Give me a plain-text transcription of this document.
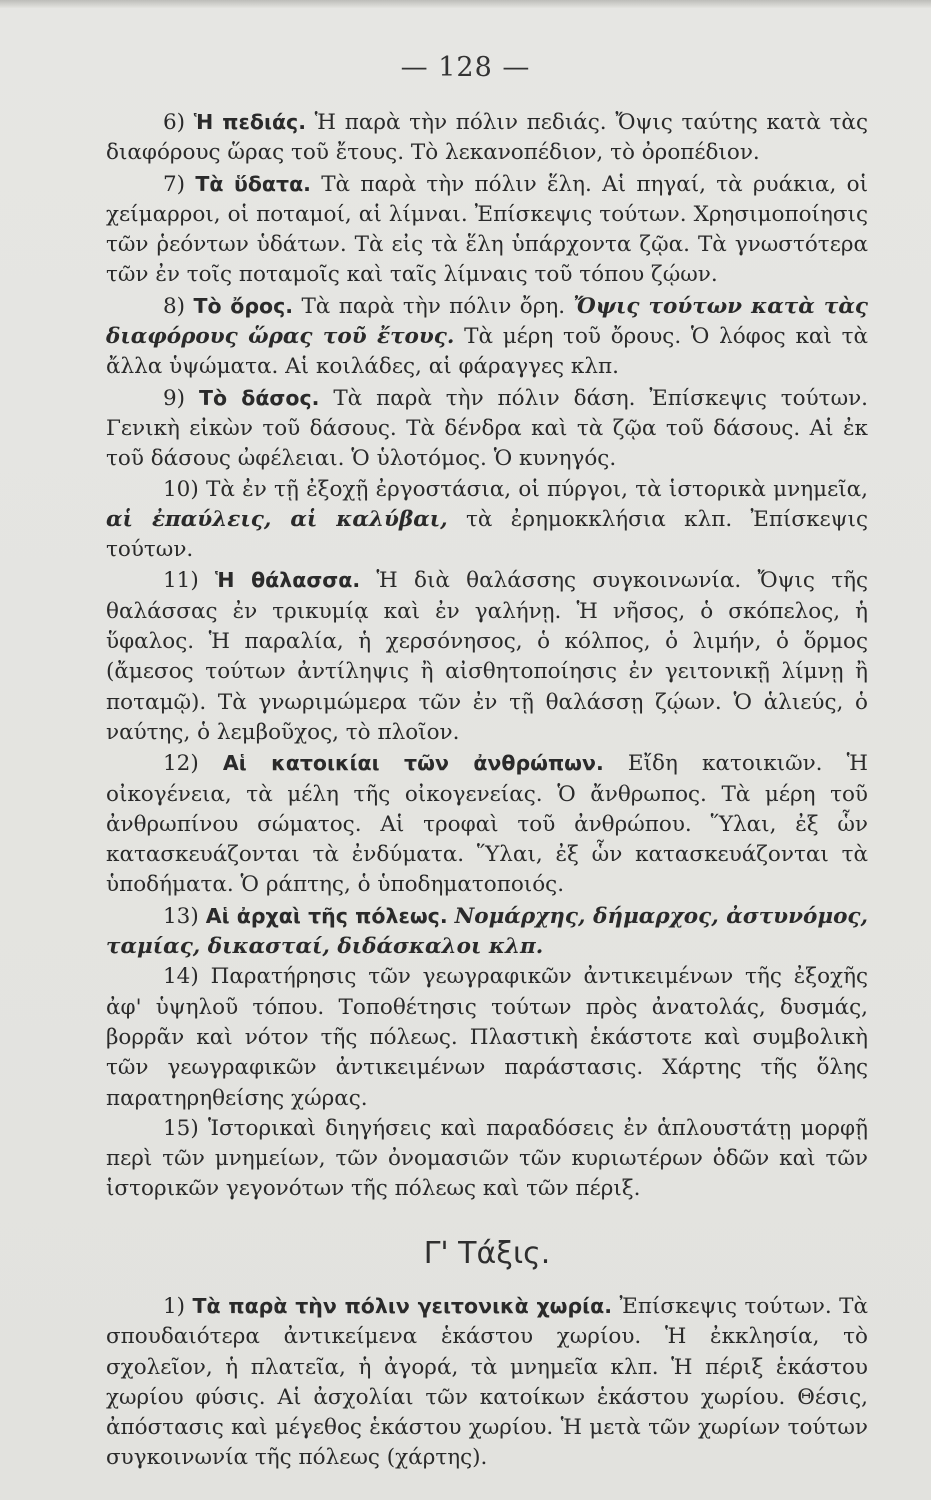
— 128 —

6) Ἡ πεδιάς. Ἡ παρὰ τὴν πόλιν πεδιάς. Ὄψις ταύτης κατὰ τὰς διαφόρους ὥρας τοῦ ἔτους. Τὸ λεκανοπέδιον, τὸ ὀροπέδιον.

7) Τὰ ὕδατα. Τὰ παρὰ τὴν πόλιν ἕλη. Αἱ πηγαί, τὰ ρυάκια, οἱ χείμαρροι, οἱ ποταμοί, αἱ λίμναι. Ἐπίσκεψις τούτων. Χρησιμοποίησις τῶν ῥεόντων ὑδάτων. Τὰ εἰς τὰ ἕλη ὑπάρχοντα ζῷα. Τὰ γνωστότερα τῶν ἐν τοῖς ποταμοῖς καὶ ταῖς λίμναις τοῦ τόπου ζῴων.

8) Τὸ ὄρος. Τὰ παρὰ τὴν πόλιν ὄρη. Ὄψις τούτων κατὰ τὰς διαφόρους ὥρας τοῦ ἔτους. Τὰ μέρη τοῦ ὄρους. Ὁ λόφος καὶ τὰ ἄλλα ὑψώματα. Αἱ κοιλάδες, αἱ φάραγγες κλπ.

9) Τὸ δάσος. Τὰ παρὰ τὴν πόλιν δάση. Ἐπίσκεψις τούτων. Γενικὴ εἰκὼν τοῦ δάσους. Τὰ δένδρα καὶ τὰ ζῷα τοῦ δάσους. Αἱ ἐκ τοῦ δάσους ὠφέλειαι. Ὁ ὑλοτόμος. Ὁ κυνηγός.

10) Τὰ ἐν τῇ ἐξοχῇ ἐργοστάσια, οἱ πύργοι, τὰ ἱστορικὰ μνημεῖα, αἱ ἐπαύλεις, αἱ καλύβαι, τὰ ἐρημοκκλήσια κλπ. Ἐπίσκεψις τούτων.

11) Ἡ θάλασσα. Ἡ διὰ θαλάσσης συγκοινωνία. Ὄψις τῆς θαλάσσας ἐν τρικυμίᾳ καὶ ἐν γαλήνῃ. Ἡ νῆσος, ὁ σκόπελος, ἡ ὕφαλος. Ἡ παραλία, ἡ χερσόνησος, ὁ κόλπος, ὁ λιμήν, ὁ ὅρμος (ἄμεσος τούτων ἀντίληψις ἢ αἰσθητοποίησις ἐν γειτονικῇ λίμνῃ ἢ ποταμῷ). Τὰ γνωριμώμερα τῶν ἐν τῇ θαλάσσῃ ζῴων. Ὁ ἁλιεύς, ὁ ναύτης, ὁ λεμβοῦχος, τὸ πλοῖον.

12) Αἱ κατοικίαι τῶν ἀνθρώπων. Εἴδη κατοικιῶν. Ἡ οἰκογένεια, τὰ μέλη τῆς οἰκογενείας. Ὁ ἄνθρωπος. Τὰ μέρη τοῦ ἀνθρωπίνου σώματος. Αἱ τροφαὶ τοῦ ἀνθρώπου. Ὕλαι, ἐξ ὧν κατασκευάζονται τὰ ἐνδύματα. Ὕλαι, ἐξ ὧν κατασκευάζονται τὰ ὑποδήματα. Ὁ ράπτης, ὁ ὑποδηματοποιός.

13) Αἱ ἀρχαὶ τῆς πόλεως. Νομάρχης, δήμαρχος, ἀστυνόμος, ταμίας, δικασταί, διδάσκαλοι κλπ.

14) Παρατήρησις τῶν γεωγραφικῶν ἀντικειμένων τῆς ἐξοχῆς ἀφ' ὑψηλοῦ τόπου. Τοποθέτησις τούτων πρὸς ἀνατολάς, δυσμάς, βορρᾶν καὶ νότον τῆς πόλεως. Πλαστικὴ ἑκάστοτε καὶ συμβολικὴ τῶν γεωγραφικῶν ἀντικειμένων παράστασις. Χάρτης τῆς ὅλης παρατηρηθείσης χώρας.

15) Ἱστορικαὶ διηγήσεις καὶ παραδόσεις ἐν ἁπλουστάτῃ μορφῇ περὶ τῶν μνημείων, τῶν ὀνομασιῶν τῶν κυριωτέρων ὁδῶν καὶ τῶν ἱστορικῶν γεγονότων τῆς πόλεως καὶ τῶν πέριξ.

Γ' Τάξις.

1) Τὰ παρὰ τὴν πόλιν γειτονικὰ χωρία. Ἐπίσκεψις τούτων. Τὰ σπουδαιότερα ἀντικείμενα ἑκάστου χωρίου. Ἡ ἐκκλησία, τὸ σχολεῖον, ἡ πλατεῖα, ἡ ἀγορά, τὰ μνημεῖα κλπ. Ἡ πέριξ ἑκάστου χωρίου φύσις. Αἱ ἀσχολίαι τῶν κατοίκων ἑκάστου χωρίου. Θέσις, ἀπόστασις καὶ μέγεθος ἑκάστου χωρίου. Ἡ μετὰ τῶν χωρίων τούτων συγκοινωνία τῆς πόλεως (χάρτης).
